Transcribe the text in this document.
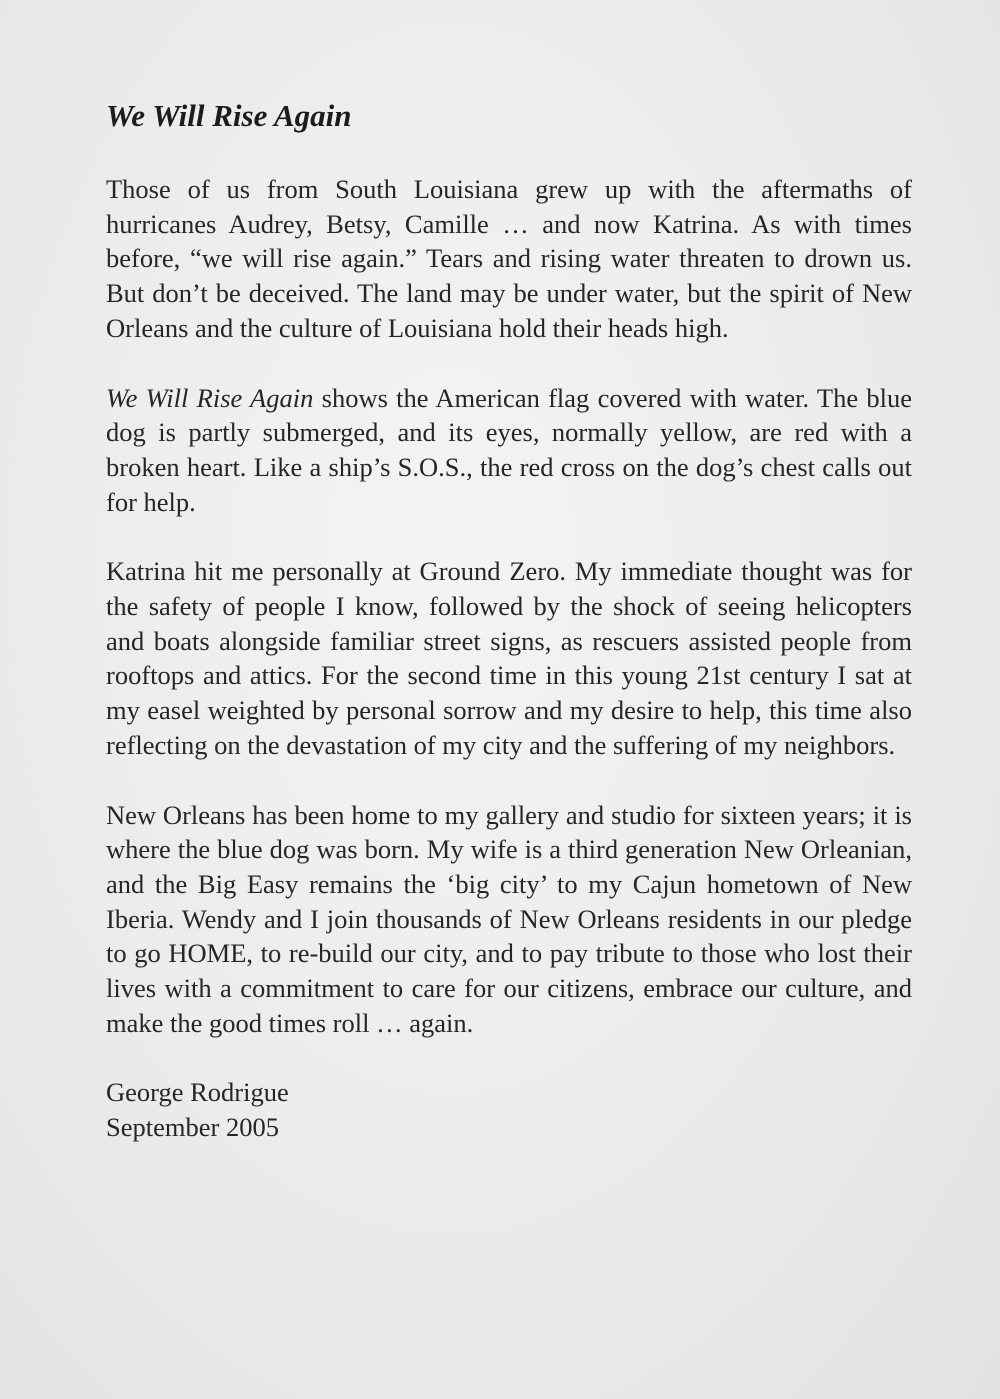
We Will Rise Again

Those of us from South Louisiana grew up with the aftermaths of hurricanes Audrey, Betsy, Camille … and now Katrina. As with times before, “we will rise again.” Tears and rising water threaten to drown us. But don’t be deceived. The land may be under water, but the spirit of New Orleans and the culture of Louisiana hold their heads high.

We Will Rise Again shows the American flag covered with water. The blue dog is partly submerged, and its eyes, normally yellow, are red with a broken heart. Like a ship’s S.O.S., the red cross on the dog’s chest calls out for help.

Katrina hit me personally at Ground Zero. My immediate thought was for the safety of people I know, followed by the shock of seeing helicopters and boats alongside familiar street signs, as rescuers assisted people from rooftops and attics. For the second time in this young 21st century I sat at my easel weighted by personal sorrow and my desire to help, this time also reflecting on the devastation of my city and the suffering of my neighbors.

New Orleans has been home to my gallery and studio for sixteen years; it is where the blue dog was born. My wife is a third generation New Orleanian, and the Big Easy remains the ‘big city’ to my Cajun hometown of New Iberia. Wendy and I join thousands of New Orleans residents in our pledge to go HOME, to re-build our city, and to pay tribute to those who lost their lives with a commitment to care for our citizens, embrace our culture, and make the good times roll … again.

George Rodrigue
September 2005
